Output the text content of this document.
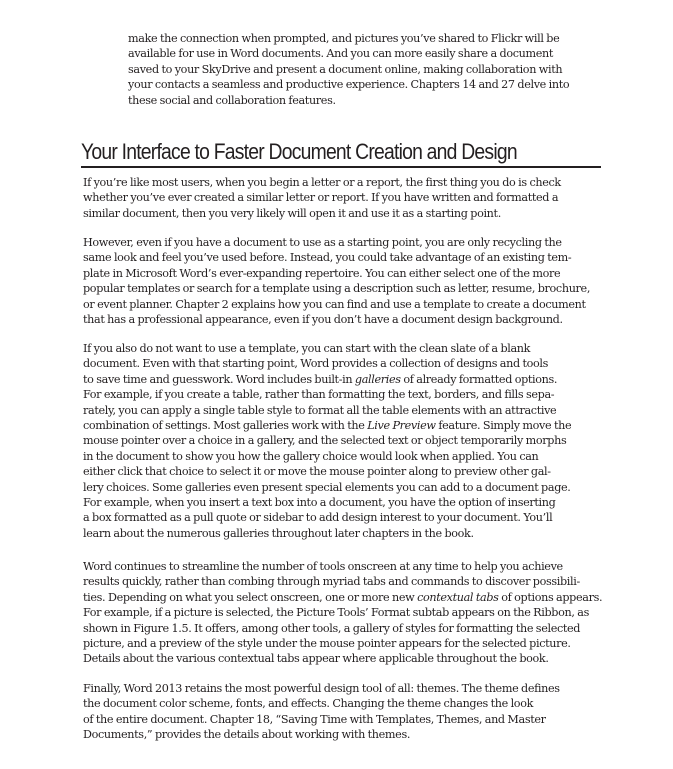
make the connection when prompted, and pictures you’ve shared to Flickr will be
available for use in Word documents. And you can more easily share a document
saved to your SkyDrive and present a document online, making collaboration with
your contacts a seamless and productive experience. Chapters 14 and 27 delve into
these social and collaboration features.
Your Interface to Faster Document Creation and Design
If you’re like most users, when you begin a letter or a report, the first thing you do is check
whether you’ve ever created a similar letter or report. If you have written and formatted a
similar document, then you very likely will open it and use it as a starting point.
However, even if you have a document to use as a starting point, you are only recycling the
same look and feel you’ve used before. Instead, you could take advantage of an existing tem-
plate in Microsoft Word’s ever-expanding repertoire. You can either select one of the more
popular templates or search for a template using a description such as letter, resume, brochure,
or event planner. Chapter 2 explains how you can find and use a template to create a document
that has a professional appearance, even if you don’t have a document design background.
If you also do not want to use a template, you can start with the clean slate of a blank
document. Even with that starting point, Word provides a collection of designs and tools
to save time and guesswork. Word includes built-in galleries of already formatted options.
For example, if you create a table, rather than formatting the text, borders, and fills sepa-
rately, you can apply a single table style to format all the table elements with an attractive
combination of settings. Most galleries work with the Live Preview feature. Simply move the
mouse pointer over a choice in a gallery, and the selected text or object temporarily morphs
in the document to show you how the gallery choice would look when applied. You can
either click that choice to select it or move the mouse pointer along to preview other gal-
lery choices. Some galleries even present special elements you can add to a document page.
For example, when you insert a text box into a document, you have the option of inserting
a box formatted as a pull quote or sidebar to add design interest to your document. You’ll
learn about the numerous galleries throughout later chapters in the book.
Word continues to streamline the number of tools onscreen at any time to help you achieve
results quickly, rather than combing through myriad tabs and commands to discover possibili-
ties. Depending on what you select onscreen, one or more new contextual tabs of options appears.
For example, if a picture is selected, the Picture Tools’ Format subtab appears on the Ribbon, as
shown in Figure 1.5. It offers, among other tools, a gallery of styles for formatting the selected
picture, and a preview of the style under the mouse pointer appears for the selected picture.
Details about the various contextual tabs appear where applicable throughout the book.
Finally, Word 2013 retains the most powerful design tool of all: themes. The theme defines
the document color scheme, fonts, and effects. Changing the theme changes the look
of the entire document. Chapter 18, “Saving Time with Templates, Themes, and Master
Documents,” provides the details about working with themes.
